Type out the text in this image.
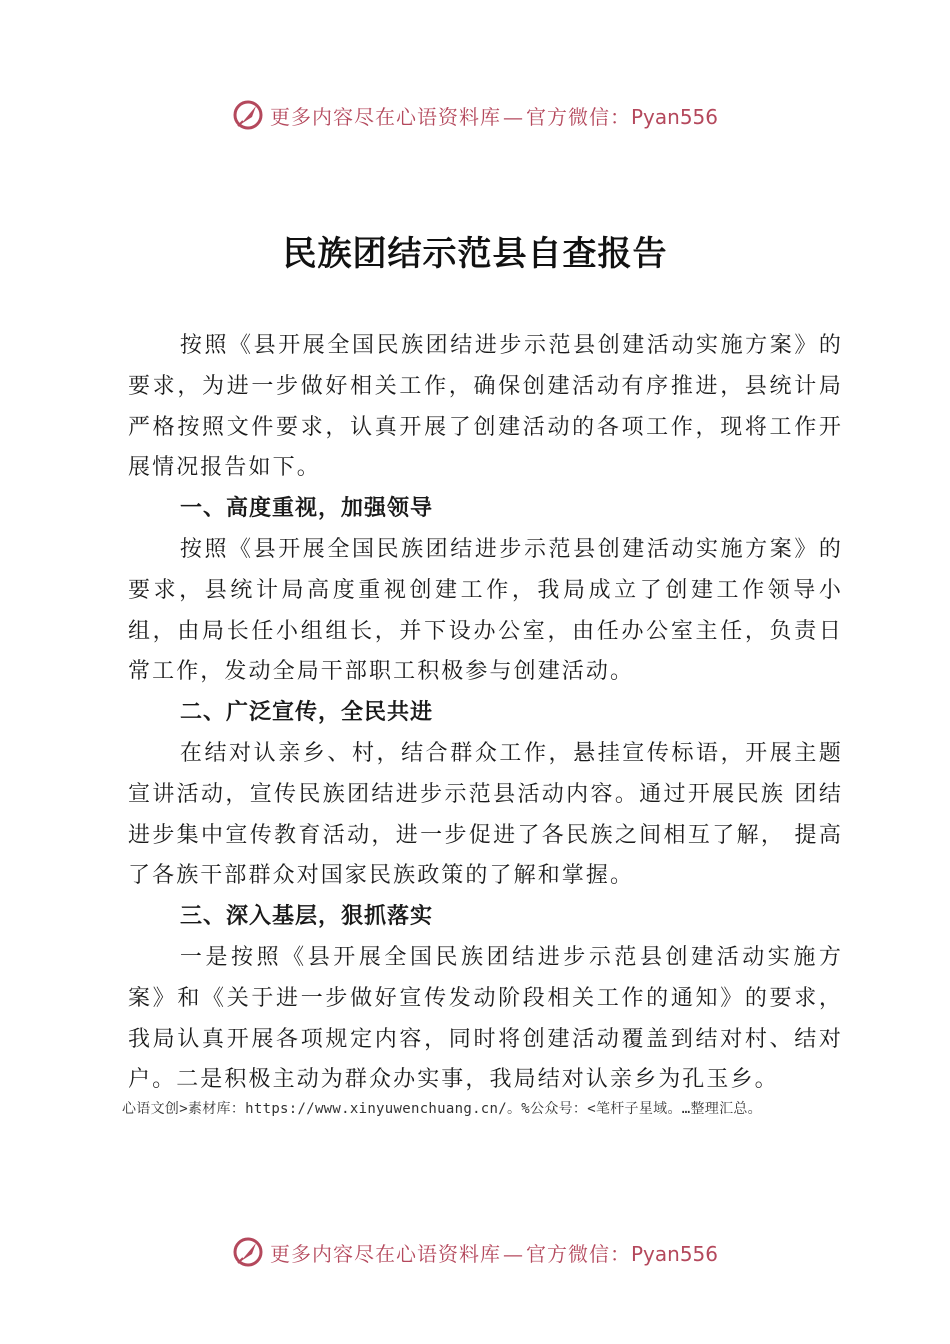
更多内容尽在心语资料库 — 官方微信：Pyan556
民族团结示范县自查报告

按照《县开展全国民族团结进步示范县创建活动实施方案》的要求，为进一步做好相关工作，确保创建活动有序推进，县统计局严格按照文件要求，认真开展了创建活动的各项工作，现将工作开展情况报告如下。

一、高度重视，加强领导

按照《县开展全国民族团结进步示范县创建活动实施方案》的要求，县统计局高度重视创建工作，我局成立了创建工作领导小组，由局长任小组组长，并下设办公室，由任办公室主任，负责日常工作，发动全局干部职工积极参与创建活动。

二、广泛宣传，全民共进

在结对认亲乡、村，结合群众工作，悬挂宣传标语，开展主题宣讲活动，宣传民族团结进步示范县活动内容。通过开展民族 团结进步集中宣传教育活动，进一步促进了各民族之间相互了解， 提高了各族干部群众对国家民族政策的了解和掌握。

三、深入基层，狠抓落实

一是按照《县开展全国民族团结进步示范县创建活动实施方案》和《关于进一步做好宣传发动阶段相关工作的通知》的要求，我局认真开展各项规定内容，同时将创建活动覆盖到结对村、结对户。二是积极主动为群众办实事，我局结对认亲乡为孔玉乡。

心语文创>素材库：https://www.xinyuwenchuang.cn/。%公众号：<笔杆子星域。…整理汇总。
更多内容尽在心语资料库 — 官方微信：Pyan556
